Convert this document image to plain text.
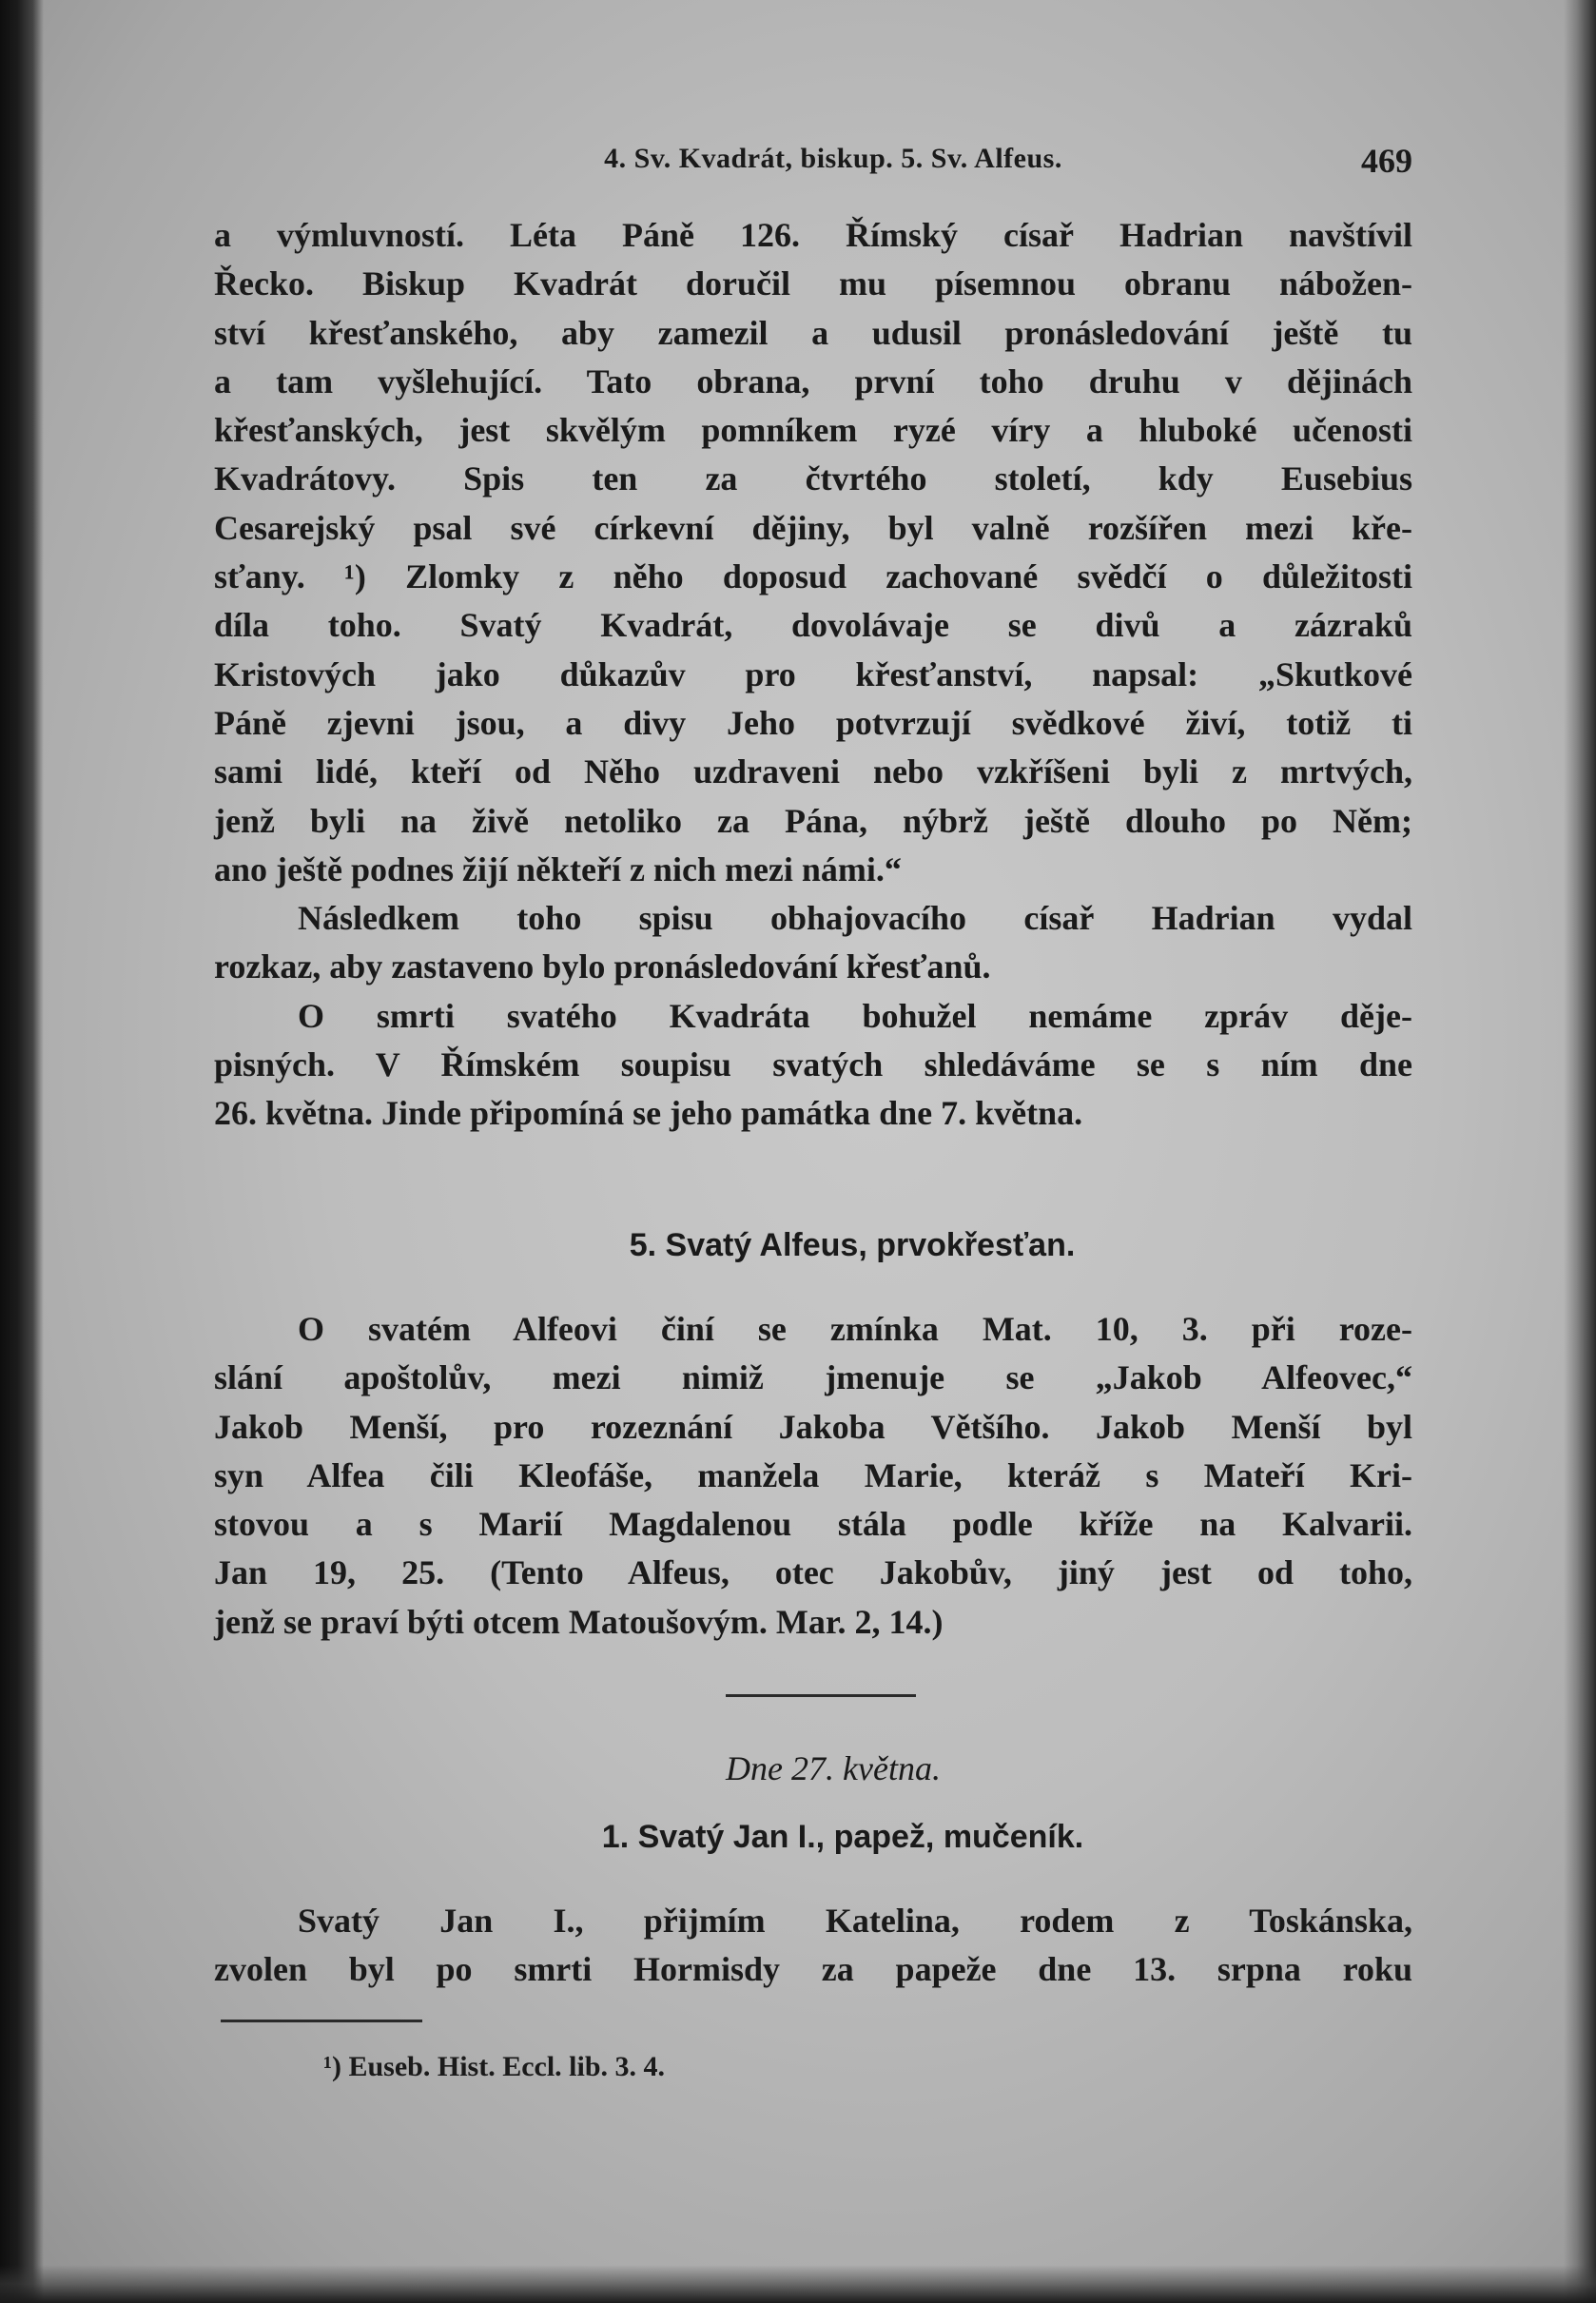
4. Sv. Kvadrát, biskup. 5. Sv. Alfeus.	469
a výmluvností. Léta Páně 126. Římský císař Hadrian navštívil
Řecko. Biskup Kvadrát doručil mu písemnou obranu nábožen-
ství křesťanského, aby zamezil a udusil pronásledování ještě tu
a tam vyšlehující. Tato obrana, první toho druhu v dějinách
křesťanských, jest skvělým pomníkem ryzé víry a hluboké učenosti
Kvadrátovy. Spis ten za čtvrtého století, kdy Eusebius
Cesarejský psal své církevní dějiny, byl valně rozšířen mezi kře-
sťany. ¹) Zlomky z něho doposud zachované svědčí o důležitosti
díla toho. Svatý Kvadrát, dovolávaje se divů a zázraků
Kristových jako důkazův pro křesťanství, napsal: „Skutkové
Páně zjevni jsou, a divy Jeho potvrzují svědkové živí, totiž ti
sami lidé, kteří od Něho uzdraveni nebo vzkříšeni byli z mrtvých,
jenž byli na živě netoliko za Pána, nýbrž ještě dlouho po Něm;
ano ještě podnes žijí někteří z nich mezi námi.“
Následkem toho spisu obhajovacího císař Hadrian vydal
rozkaz, aby zastaveno bylo pronásledování křesťanů.
O smrti svatého Kvadráta bohužel nemáme zpráv děje-
pisných. V Římském soupisu svatých shledáváme se s ním dne
26. května. Jinde připomíná se jeho památka dne 7. května.
5. Svatý Alfeus, prvokřesťan.
O svatém Alfeovi činí se zmínka Mat. 10, 3. při roze-
slání apoštolův, mezi nimiž jmenuje se „Jakob Alfeovec,“
Jakob Menší, pro rozeznání Jakoba Většího. Jakob Menší byl
syn Alfea čili Kleofáše, manžela Marie, kteráž s Mateří Kri-
stovou a s Marií Magdalenou stála podle kříže na Kalvarii.
Jan 19, 25. (Tento Alfeus, otec Jakobův, jiný jest od toho,
jenž se praví býti otcem Matoušovým. Mar. 2, 14.)
Dne 27. května.
1. Svatý Jan I., papež, mučeník.
Svatý Jan I., přijmím Katelina, rodem z Toskánska,
zvolen byl po smrti Hormisdy za papeže dne 13. srpna roku
¹) Euseb. Hist. Eccl. lib. 3. 4.
